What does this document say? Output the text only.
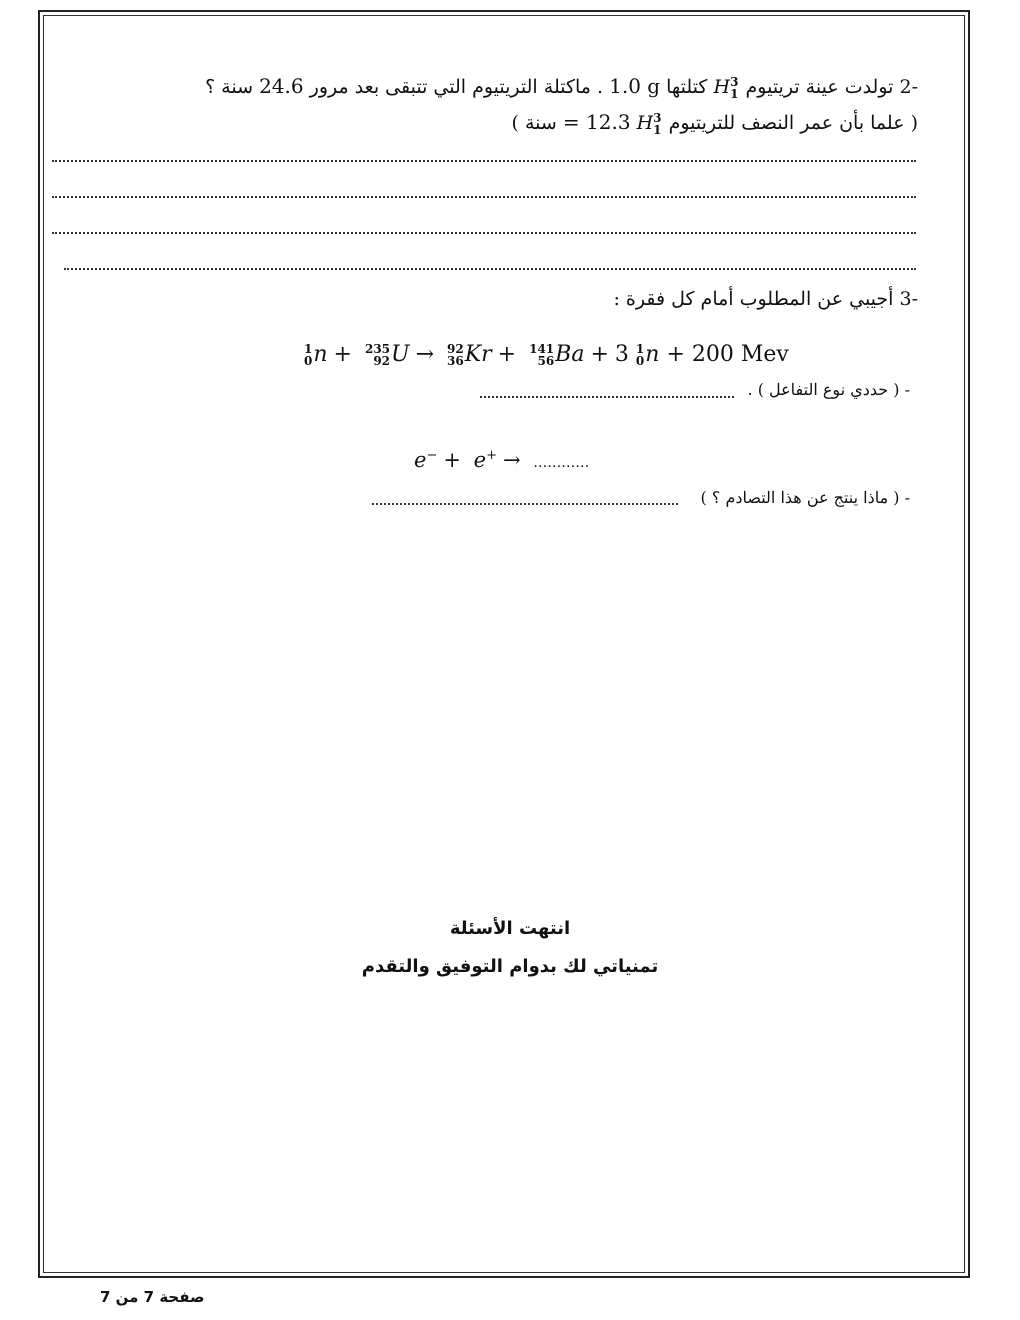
-2 تولدت عينة تريتيوم
3
1
H كتلتها 1.0 g . ماكتلة التريتيوم التي تتبقى بعد مرور 24.6 سنة ؟
( علما بأن عمر النصف للتريتيوم
3
1
H = 12.3 سنة )
-3 أجيبي عن المطلوب أمام كل فقرة :
1
0 n + 235
92 U → 92
36 Kr + 141
56 Ba + 3 1
0 n + 200 Mev
- ( حددي نوع التفاعل ) .
e− + e+ → …………
- ( ماذا ينتج عن هذا التصادم ؟ )
انتهت الأسئلة
تمنياتي لك بدوام التوفيق والتقدم
صفحة 7 من 7
